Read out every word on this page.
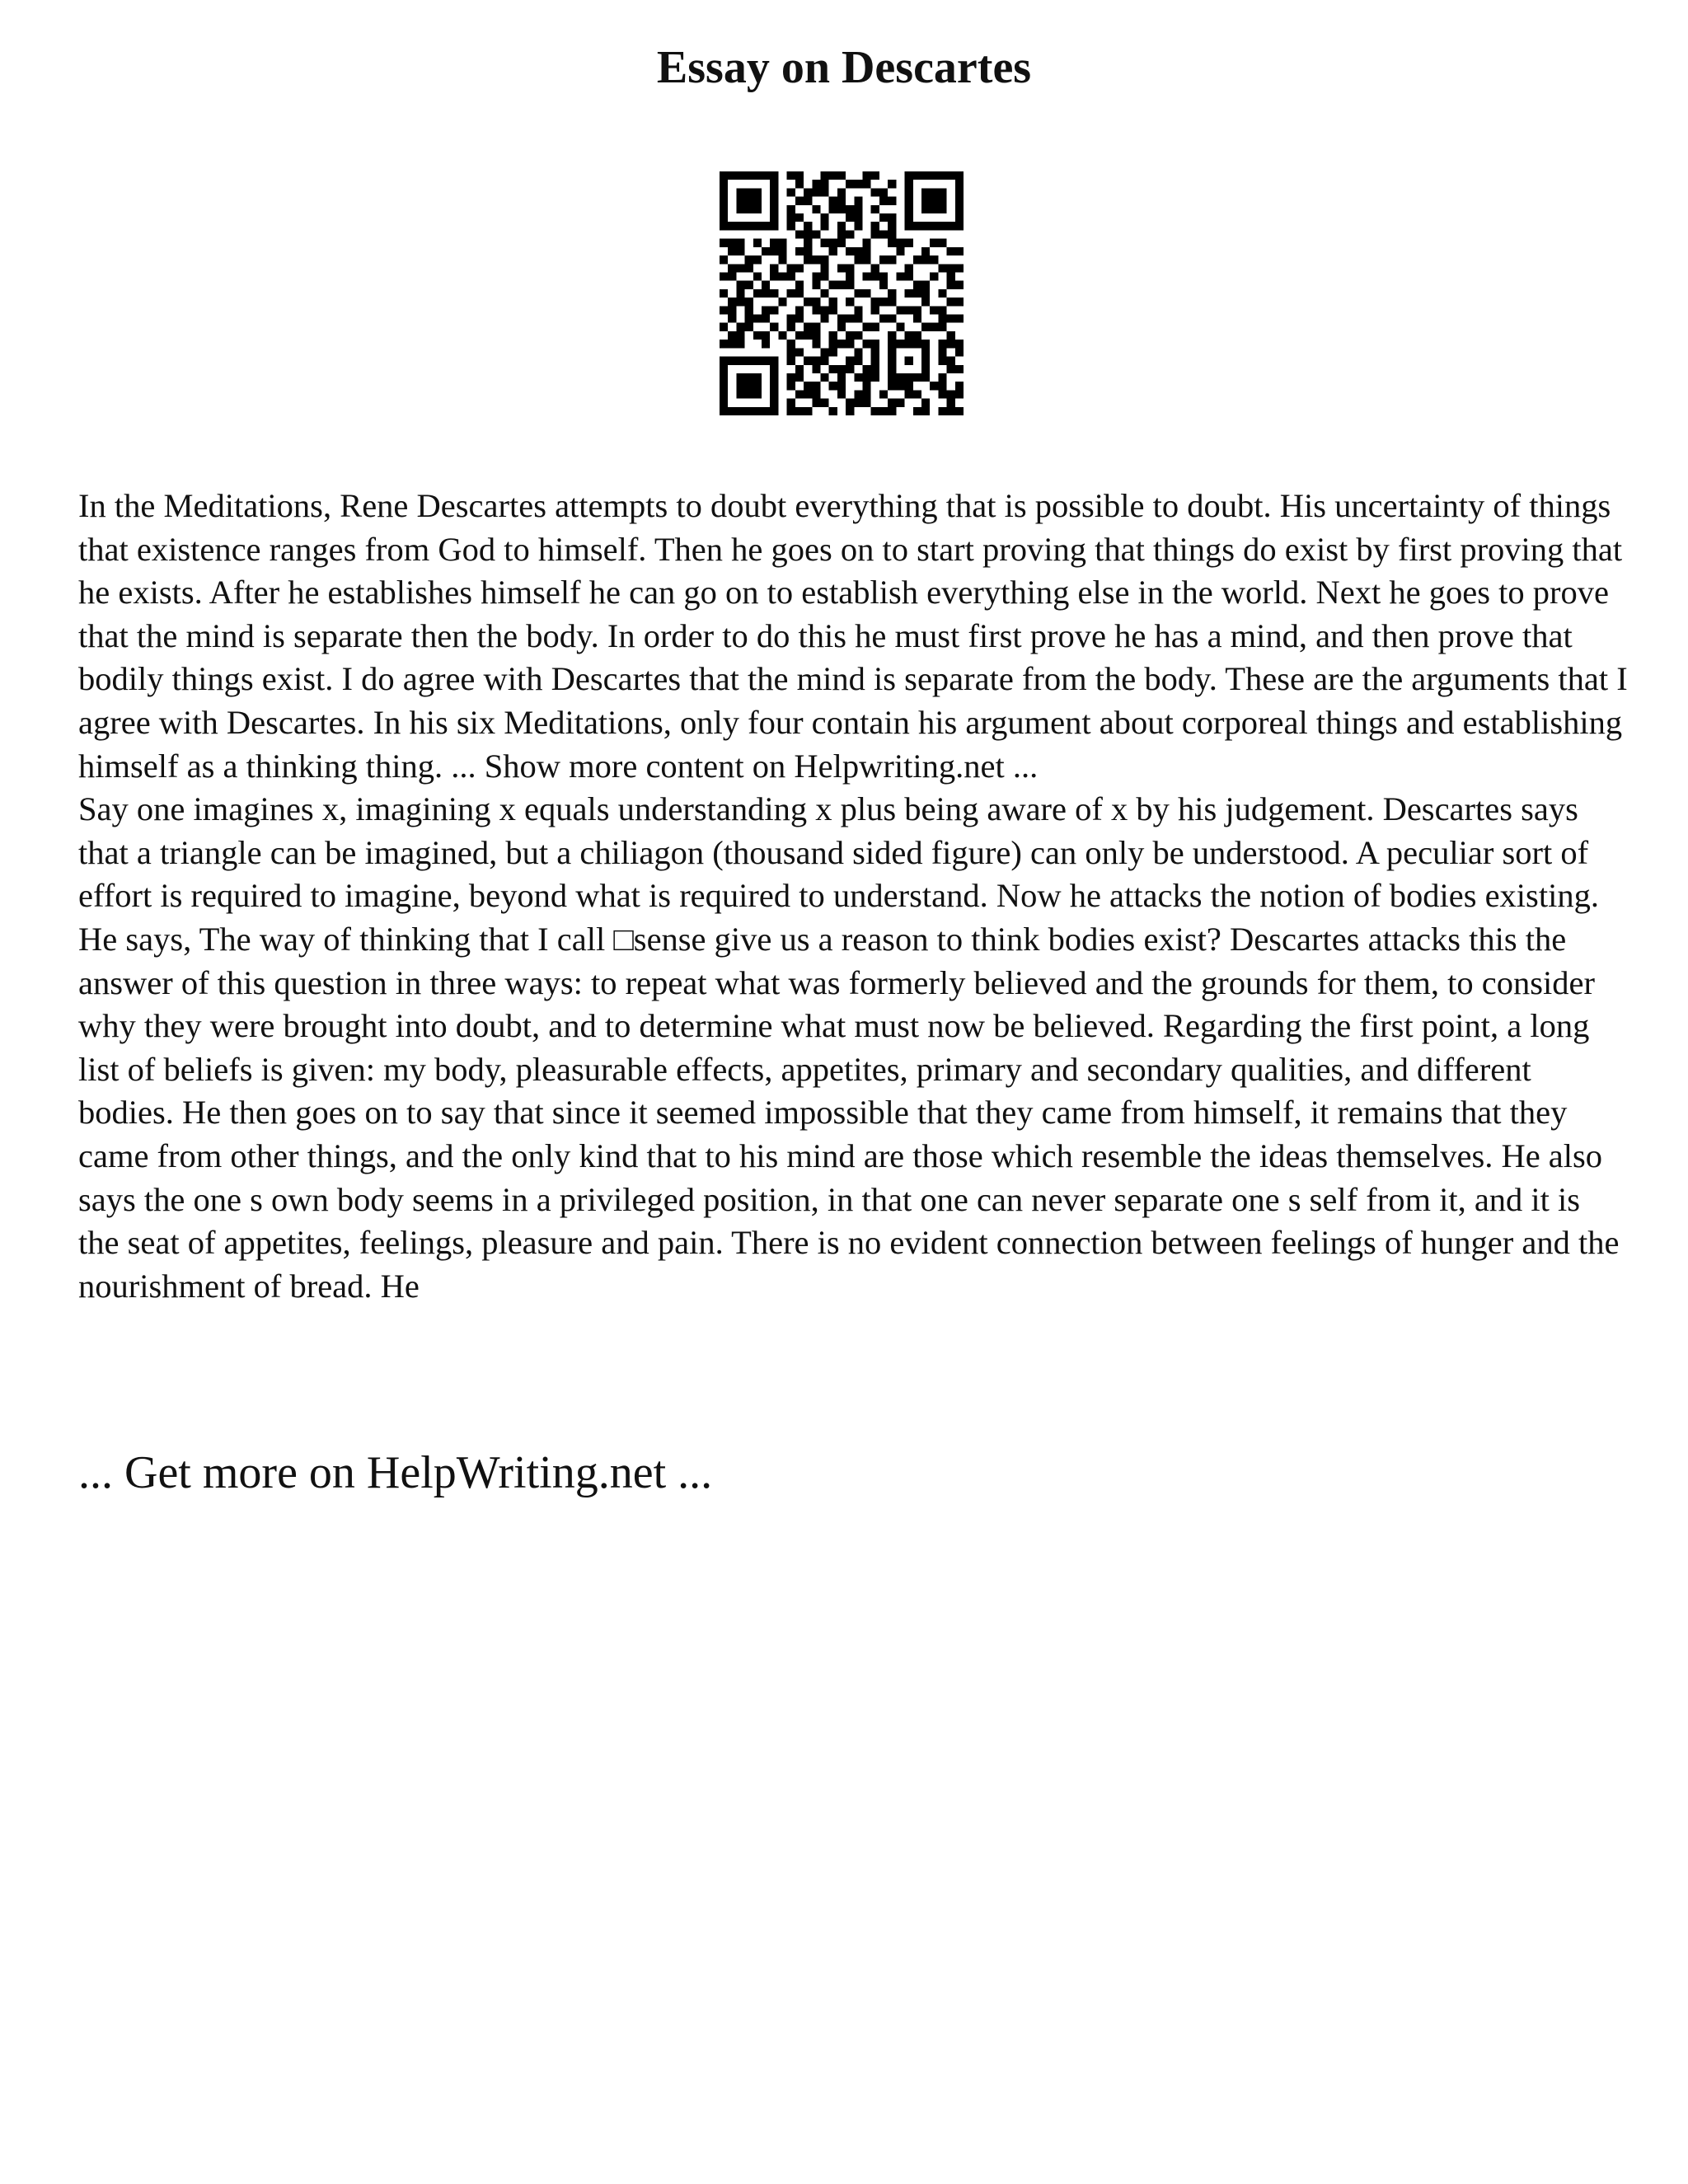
Essay on Descartes

In the Meditations, Rene Descartes attempts to doubt everything that is possible to doubt. His uncertainty of things that existence ranges from God to himself. Then he goes on to start proving that things do exist by first proving that he exists. After he establishes himself he can go on to establish everything else in the world. Next he goes to prove that the mind is separate then the body. In order to do this he must first prove he has a mind, and then prove that bodily things exist. I do agree with Descartes that the mind is separate from the body. These are the arguments that I agree with Descartes. In his six Meditations, only four contain his argument about corporeal things and establishing himself as a thinking thing. ... Show more content on Helpwriting.net ...

Say one imagines x, imagining x equals understanding x plus being aware of x by his judgement. Descartes says that a triangle can be imagined, but a chiliagon (thousand sided figure) can only be understood. A peculiar sort of effort is required to imagine, beyond what is required to understand. Now he attacks the notion of bodies existing. He says, The way of thinking that I call □sense give us a reason to think bodies exist? Descartes attacks this the answer of this question in three ways: to repeat what was formerly believed and the grounds for them, to consider why they were brought into doubt, and to determine what must now be believed. Regarding the first point, a long list of beliefs is given: my body, pleasurable effects, appetites, primary and secondary qualities, and different bodies. He then goes on to say that since it seemed impossible that they came from himself, it remains that they came from other things, and the only kind that to his mind are those which resemble the ideas themselves. He also says the one s own body seems in a privileged position, in that one can never separate one s self from it, and it is the seat of appetites, feelings, pleasure and pain. There is no evident connection between feelings of hunger and the nourishment of bread. He

... Get more on HelpWriting.net ...
